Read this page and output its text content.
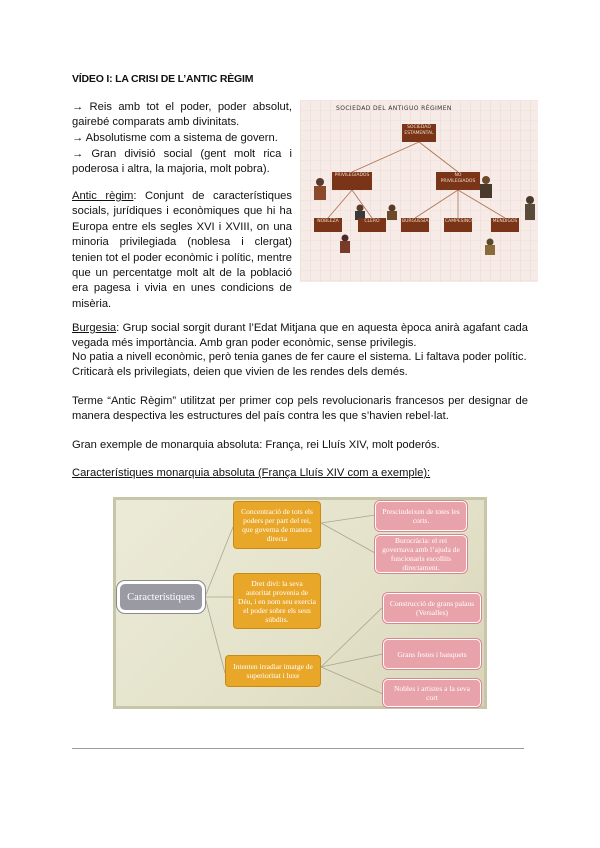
VÍDEO I: LA CRISI DE L’ANTIC RÈGIM
→ Reis amb tot el poder, poder absolut, gairebé comparats amb divinitats.
→ Absolutisme com a sistema de govern.
→ Gran divisió social (gent molt rica i poderosa i altra, la majoria, molt pobra).
Antic règim: Conjunt de característiques socials, jurídiques i econòmiques que hi ha Europa entre els segles XVI i XVIII, on una minoria privilegiada (noblesa i clergat) tenien tot el poder econòmic i polític, mentre que un percentatge molt alt de la població era pagesa i vivia en unes condicions de misèria.
SOCIEDAD DEL ANTIGUO RÉGIMEN
SOCIEDAD ESTAMENTAL
PRIVILEGIADOS	NO PRIVILEGIADOS
NOBLEZA	CLERO	BURGUESÍA	CAMPESINOS	MENDIGOS
Burgesia: Grup social sorgit durant l’Edat Mitjana que en aquesta època anirà agafant cada vegada més importància. Amb gran poder econòmic, sense privilegis.
No patia a nivell econòmic, però tenia ganes de fer caure el sistema. Li faltava poder polític.
Criticarà els privilegiats, deien que vivien de les rendes dels demés.
Terme “Antic Règim” utilitzat per primer cop pels revolucionaris francesos per designar de manera despectiva les estructures del país contra les que s’havien rebel·lat.
Gran exemple de monarquia absoluta: França, rei Lluís XIV, molt poderós.
Característiques monarquia absoluta (França Lluís XIV com a exemple):
Característiques
Concentració de tots els poders per part del rei, que governa de manera directa
Dret diví: la seva autoritat provenia de Déu, i en nom seu exercia el poder sobre els seus súbdits.
Intenten irradiar imatge de superioritat i luxe
Prescindeixen de totes les corts.
Burocràcia: el rei governava amb l’ajuda de funcionaris escollits directament.
Construcció de grans palaus (Versalles)
Grans festes i banquets
Nobles i artistes a la seva cort
